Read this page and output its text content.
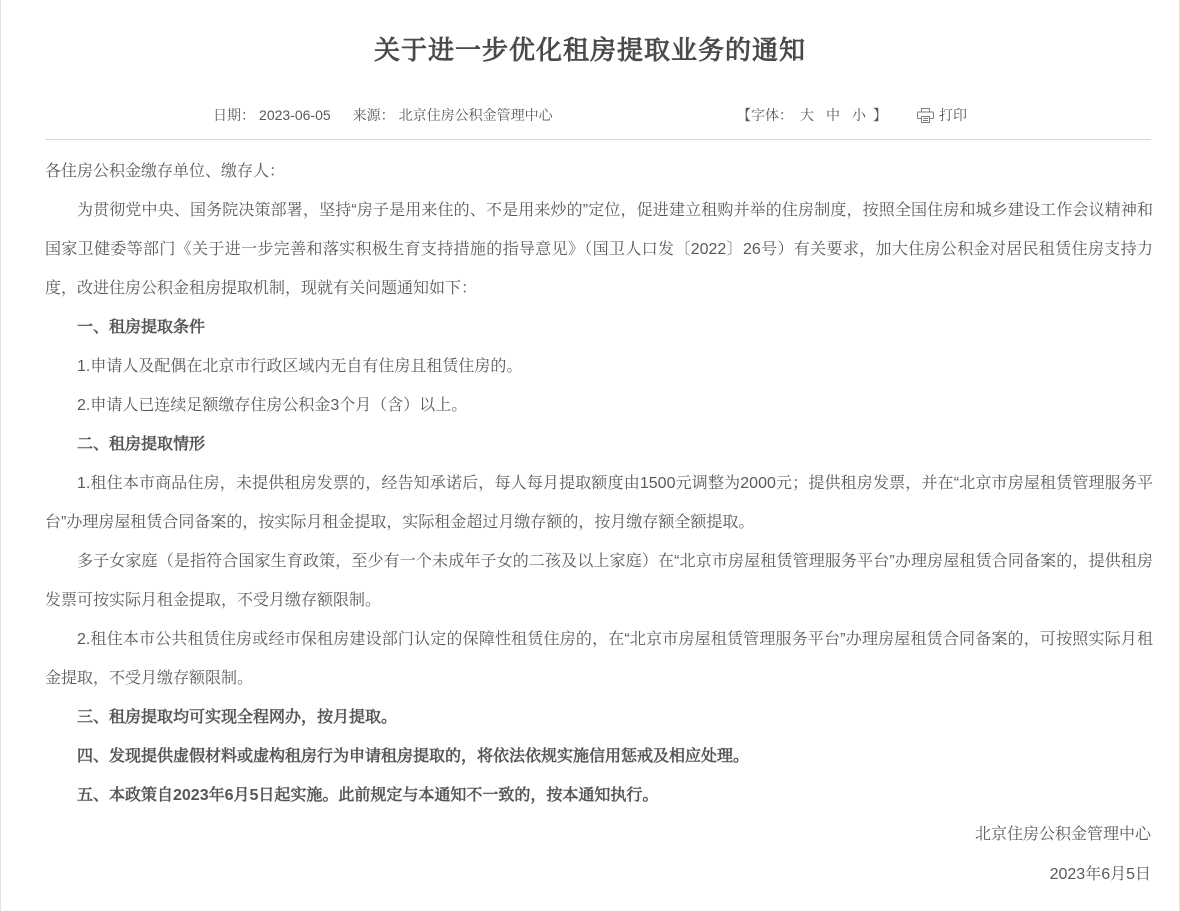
关于进一步优化租房提取业务的通知
日期： 2023-06-05 来源： 北京住房公积金管理中心	【字体： 大 中 小 】	打印

各住房公积金缴存单位、缴存人：

为贯彻党中央、国务院决策部署，坚持“房子是用来住的、不是用来炒的”定位，促进建立租购并举的住房制度，按照全国住房和城乡建设工作会议精神和国家卫健委等部门《关于进一步完善和落实积极生育支持措施的指导意见》（国卫人口发〔2022〕26号）有关要求，加大住房公积金对居民租赁住房支持力度，改进住房公积金租房提取机制，现就有关问题通知如下：

一、租房提取条件

1.申请人及配偶在北京市行政区域内无自有住房且租赁住房的。

2.申请人已连续足额缴存住房公积金3个月（含）以上。

二、租房提取情形

1.租住本市商品住房，未提供租房发票的，经告知承诺后，每人每月提取额度由1500元调整为2000元；提供租房发票，并在“北京市房屋租赁管理服务平台”办理房屋租赁合同备案的，按实际月租金提取，实际租金超过月缴存额的，按月缴存额全额提取。

多子女家庭（是指符合国家生育政策，至少有一个未成年子女的二孩及以上家庭）在“北京市房屋租赁管理服务平台”办理房屋租赁合同备案的，提供租房发票可按实际月租金提取，不受月缴存额限制。

2.租住本市公共租赁住房或经市保租房建设部门认定的保障性租赁住房的，在“北京市房屋租赁管理服务平台”办理房屋租赁合同备案的，可按照实际月租金提取，不受月缴存额限制。

三、租房提取均可实现全程网办，按月提取。

四、发现提供虚假材料或虚构租房行为申请租房提取的，将依法依规实施信用惩戒及相应处理。

五、本政策自2023年6月5日起实施。此前规定与本通知不一致的，按本通知执行。

北京住房公积金管理中心

2023年6月5日
